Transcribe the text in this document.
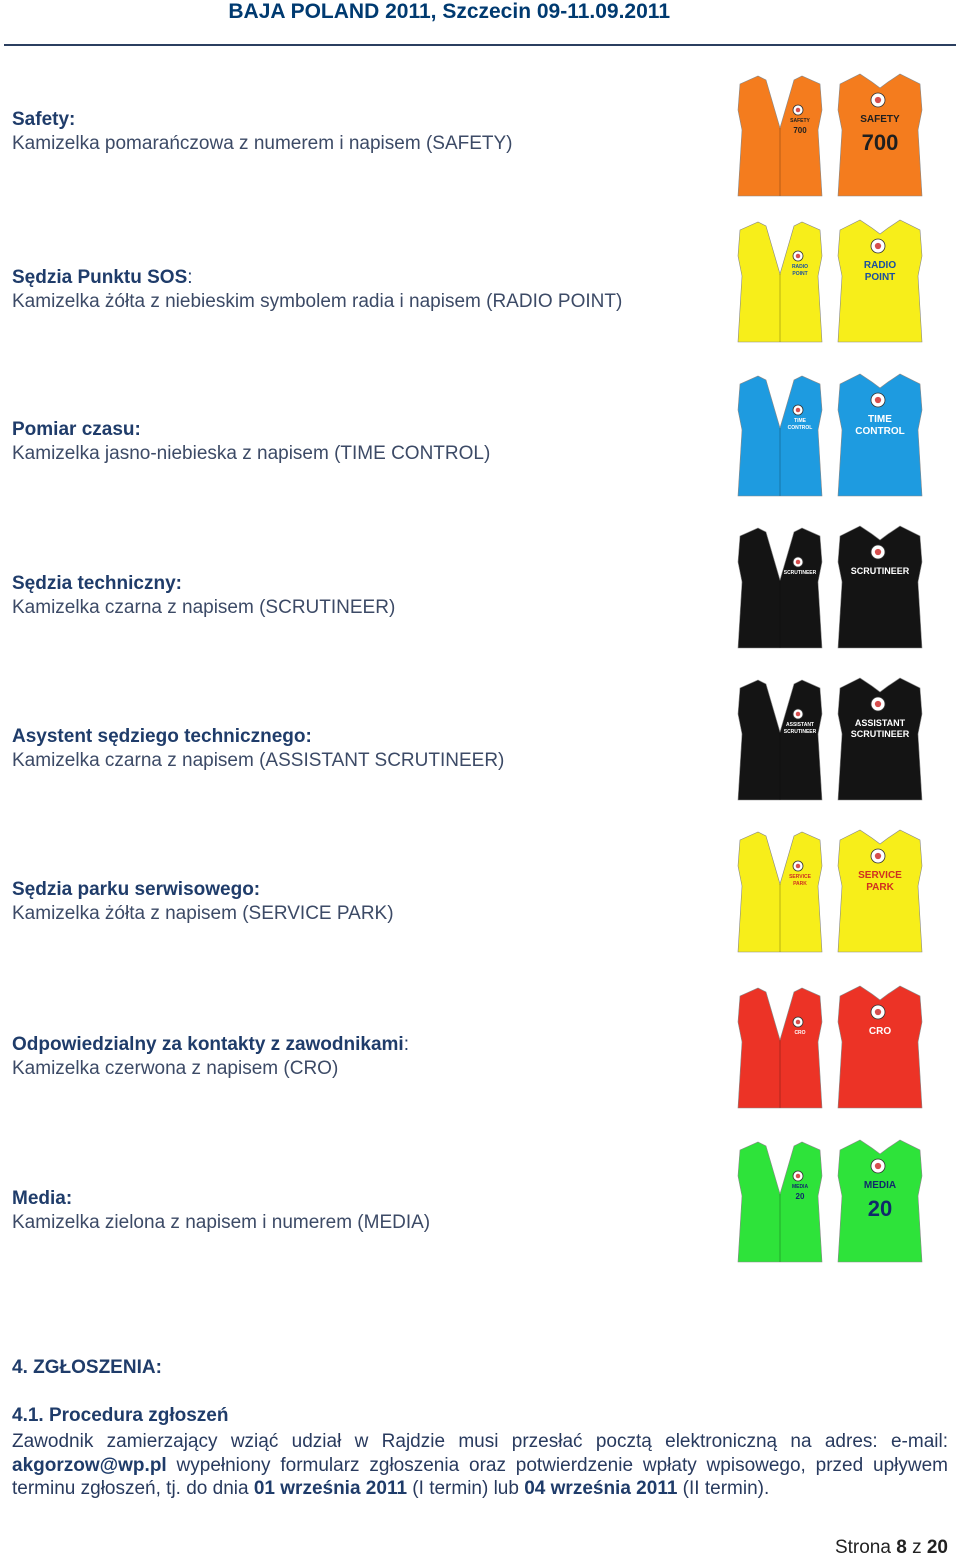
BAJA POLAND 2011, Szczecin 09-11.09.2011
Safety:
Kamizelka pomarańczowa z numerem i napisem (SAFETY)
SAFETY
700
SAFETY
700
Sędzia Punktu SOS:
Kamizelka żółta z niebieskim symbolem radia i napisem (RADIO POINT)
RADIO
POINT
RADIO
POINT
Pomiar czasu:
Kamizelka jasno-niebieska z napisem (TIME CONTROL)
TIME
CONTROL
TIME
CONTROL
Sędzia techniczny:
Kamizelka czarna z napisem (SCRUTINEER)
SCRUTINEER	SCRUTINEER
Asystent sędziego technicznego:
Kamizelka czarna z napisem (ASSISTANT SCRUTINEER)
ASSISTANT
SCRUTINEER
ASSISTANT
SCRUTINEER
Sędzia parku serwisowego:
Kamizelka żółta z napisem (SERVICE PARK)
SERVICE
PARK
SERVICE
PARK
Odpowiedzialny za kontakty z zawodnikami:
Kamizelka czerwona z napisem (CRO)
CRO	CRO
Media:
Kamizelka zielona z napisem i numerem (MEDIA)
MEDIA
20
MEDIA
20
4. ZGŁOSZENIA:
4.1. Procedura zgłoszeń
Zawodnik zamierzający wziąć udział w Rajdzie musi przesłać pocztą elektroniczną na adres: e-mail: akgorzow@wp.pl wypełniony formularz zgłoszenia oraz potwierdzenie wpłaty wpisowego, przed upływem terminu zgłoszeń, tj. do dnia 01 września 2011 (I termin) lub 04 września 2011 (II termin).
Strona 8 z 20
